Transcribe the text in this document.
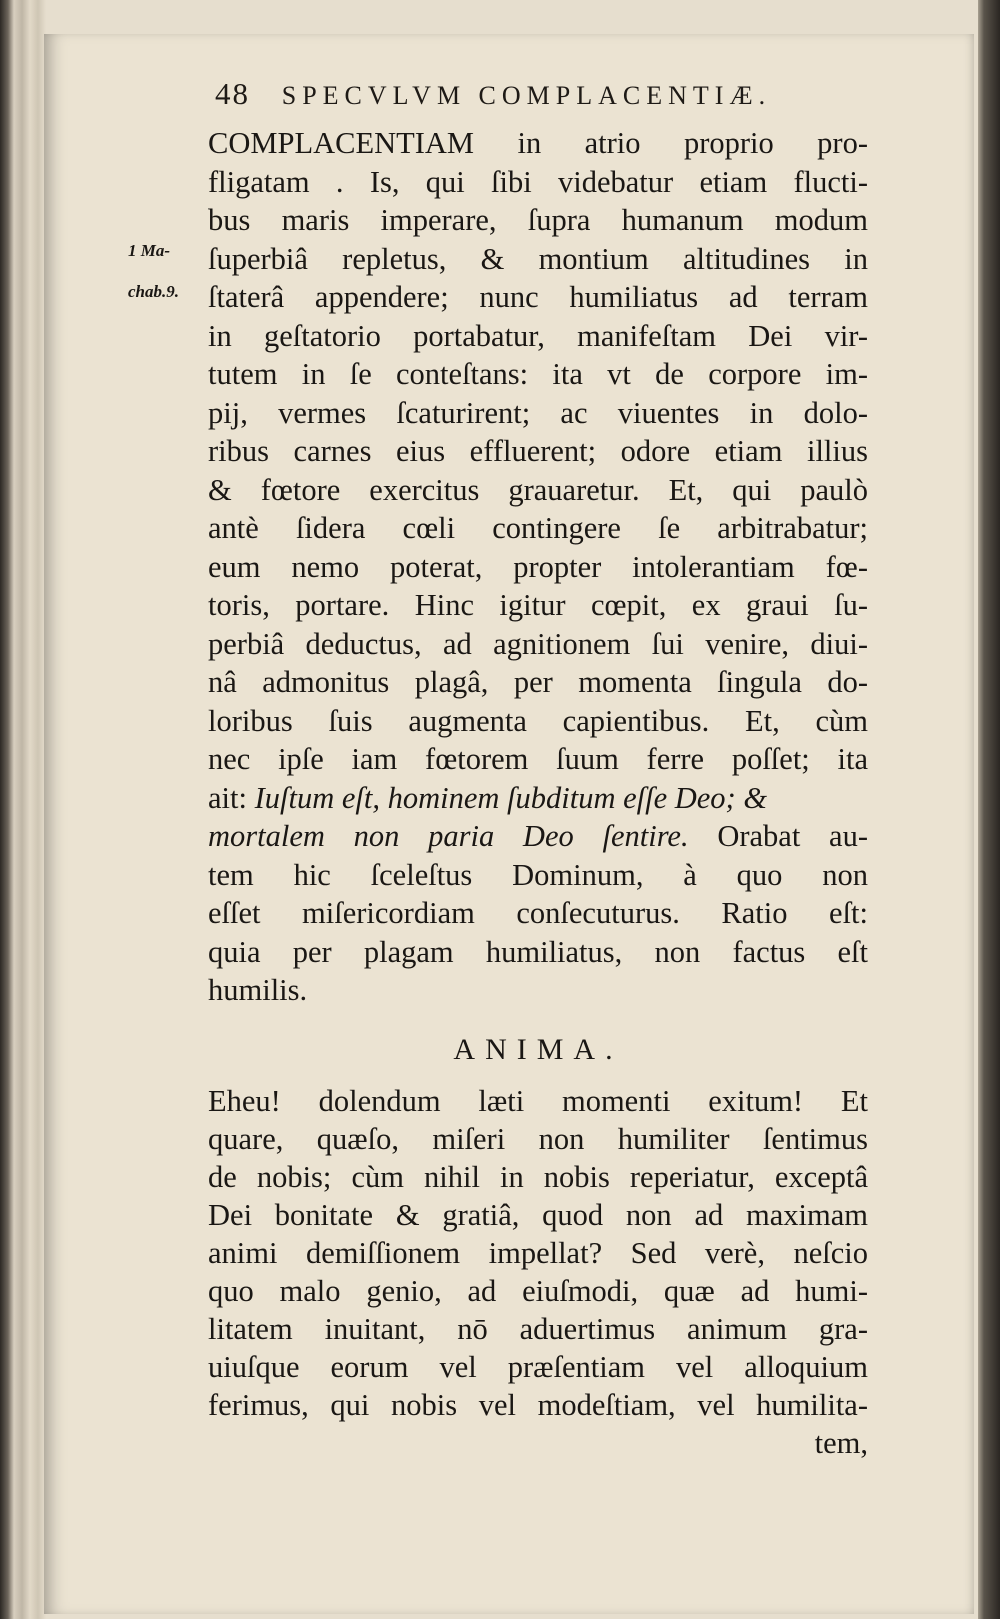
48 SPECVLVM COMPLACENTIÆ.
1 Ma-
chab.9.
COMPLACENTIAM in atrio proprio pro-
fligatam . Is, qui ſibi videbatur etiam flucti-
bus maris imperare, ſupra humanum modum
ſuperbiâ repletus, & montium altitudines in
ſtaterâ appendere; nunc humiliatus ad terram
in geſtatorio portabatur, manifeſtam Dei vir-
tutem in ſe conteſtans: ita vt de corpore im-
pij, vermes ſcaturirent; ac viuentes in dolo-
ribus carnes eius effluerent; odore etiam illius
& fœtore exercitus grauaretur. Et, qui paulò
antè ſidera cœli contingere ſe arbitrabatur;
eum nemo poterat, propter intolerantiam fœ-
toris, portare. Hinc igitur cœpit, ex graui ſu-
perbiâ deductus, ad agnitionem ſui venire, diui-
nâ admonitus plagâ, per momenta ſingula do-
loribus ſuis augmenta capientibus. Et, cùm
nec ipſe iam fœtorem ſuum ferre poſſet; ita
ait: Iuſtum eſt, hominem ſubditum eſſe Deo; &
mortalem non paria Deo ſentire. Orabat au-
tem hic ſceleſtus Dominum, à quo non
eſſet miſericordiam conſecuturus. Ratio eſt:
quia per plagam humiliatus, non factus eſt
humilis.
ANIMA.
Eheu! dolendum læti momenti exitum! Et
quare, quæſo, miſeri non humiliter ſentimus
de nobis; cùm nihil in nobis reperiatur, exceptâ
Dei bonitate & gratiâ, quod non ad maximam
animi demiſſionem impellat? Sed verè, neſcio
quo malo genio, ad eiuſmodi, quæ ad humi-
litatem inuitant, nō aduertimus animum gra-
uiuſque eorum vel præſentiam vel alloquium
ferimus, qui nobis vel modeſtiam, vel humilita-
tem,
